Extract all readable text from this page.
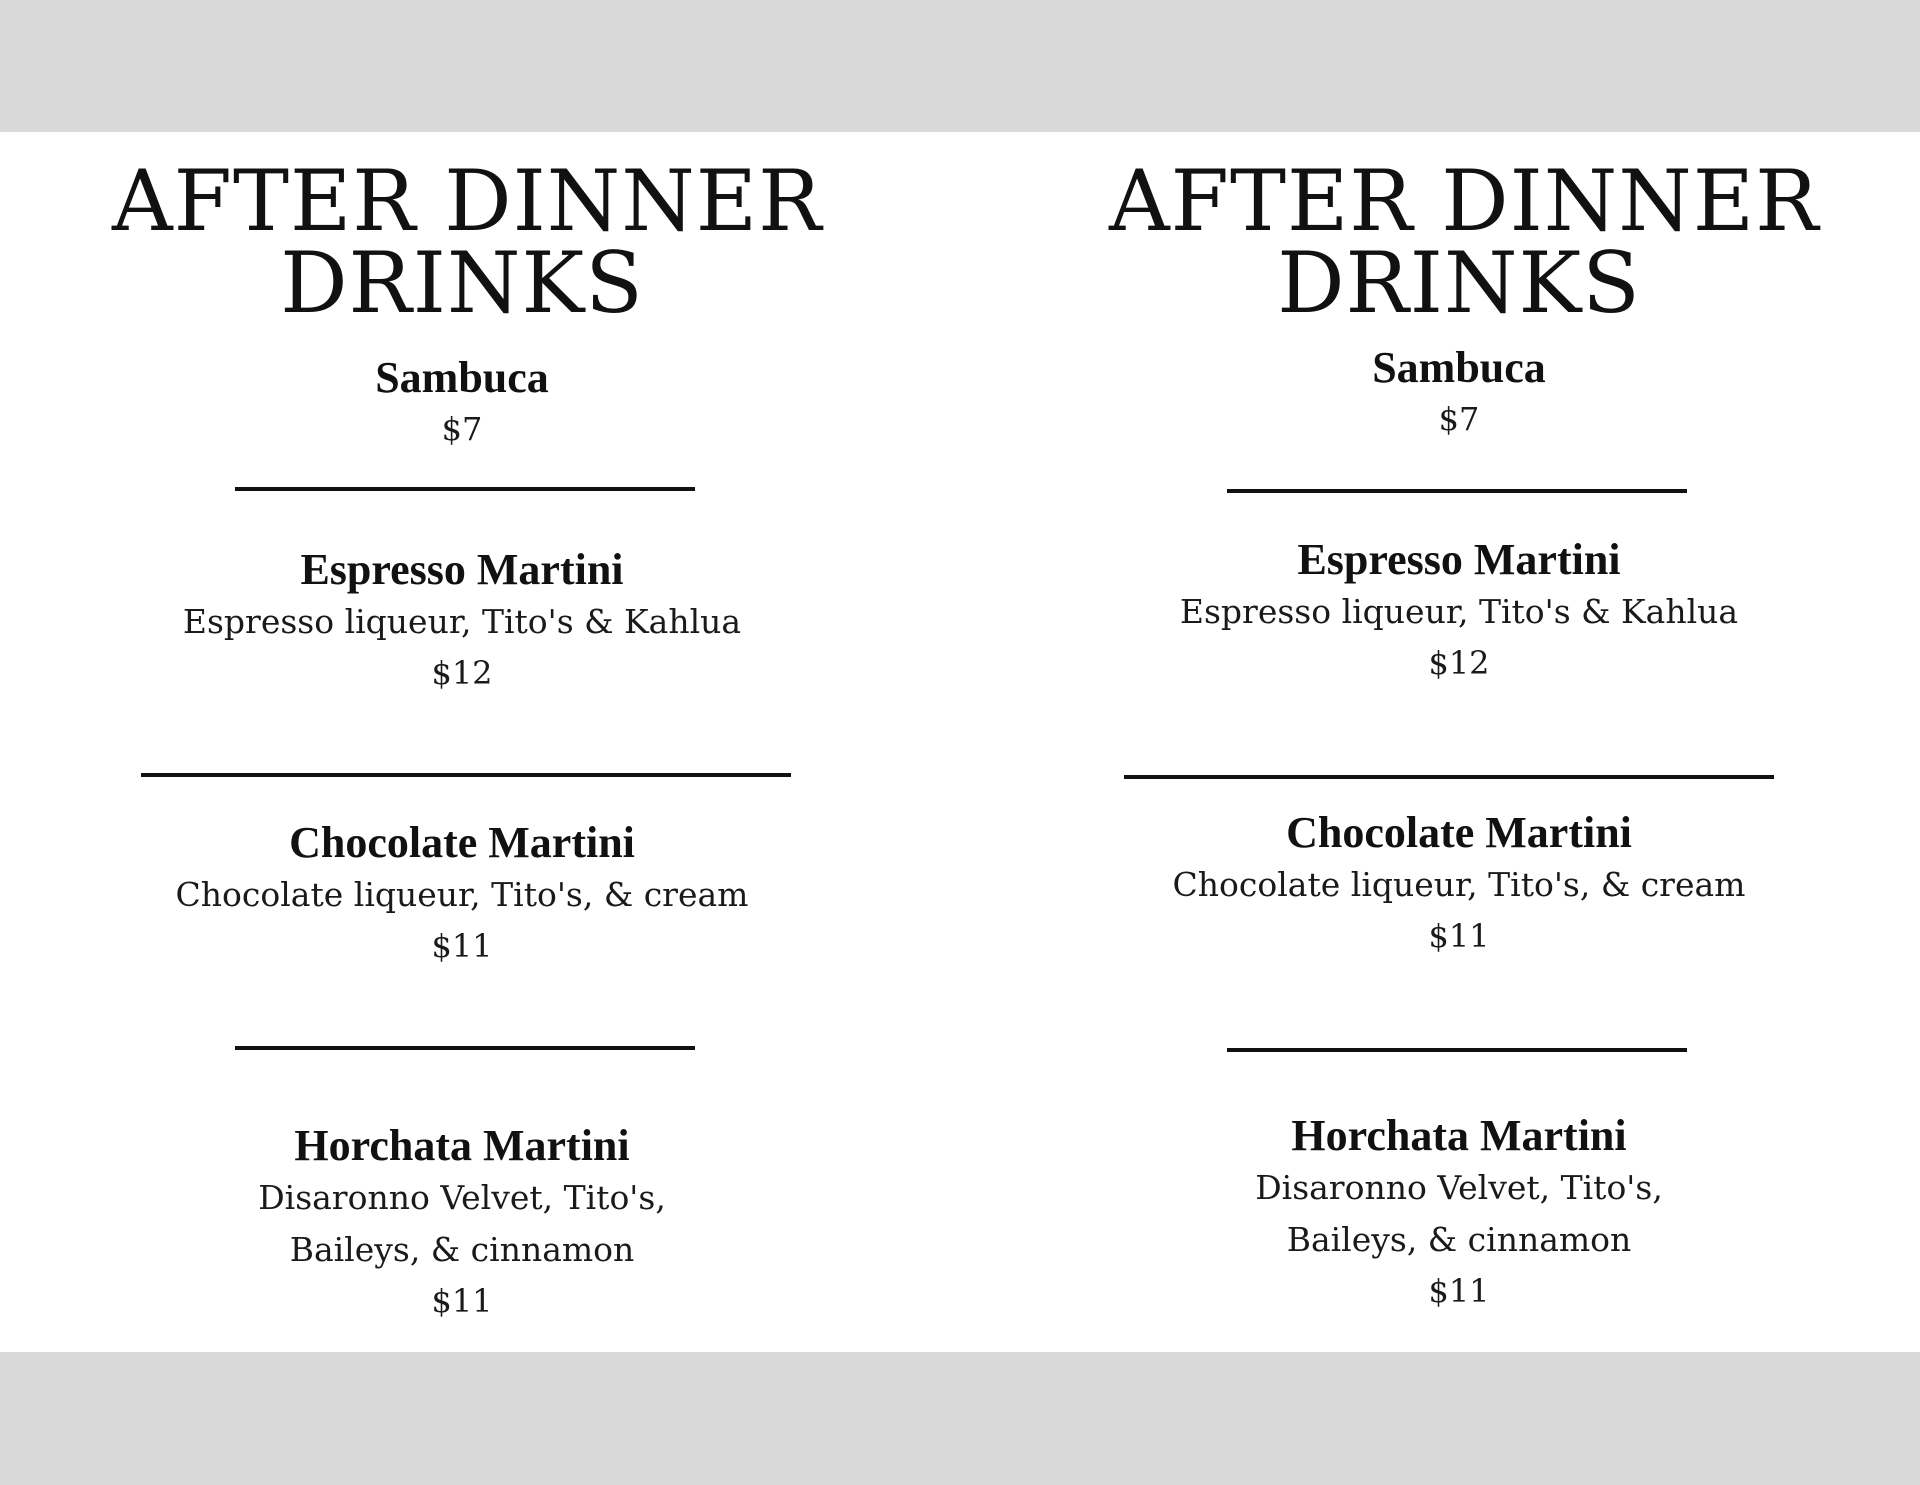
AFTER DINNER
DRINKS
Sambuca
$7
Espresso Martini
Espresso liqueur, Tito's & Kahlua
$12
Chocolate Martini
Chocolate liqueur, Tito's, & cream
$11
Horchata Martini
Disaronno Velvet, Tito's,
Baileys, & cinnamon
$11
AFTER DINNER
DRINKS
Sambuca
$7
Espresso Martini
Espresso liqueur, Tito's & Kahlua
$12
Chocolate Martini
Chocolate liqueur, Tito's, & cream
$11
Horchata Martini
Disaronno Velvet, Tito's,
Baileys, & cinnamon
$11
